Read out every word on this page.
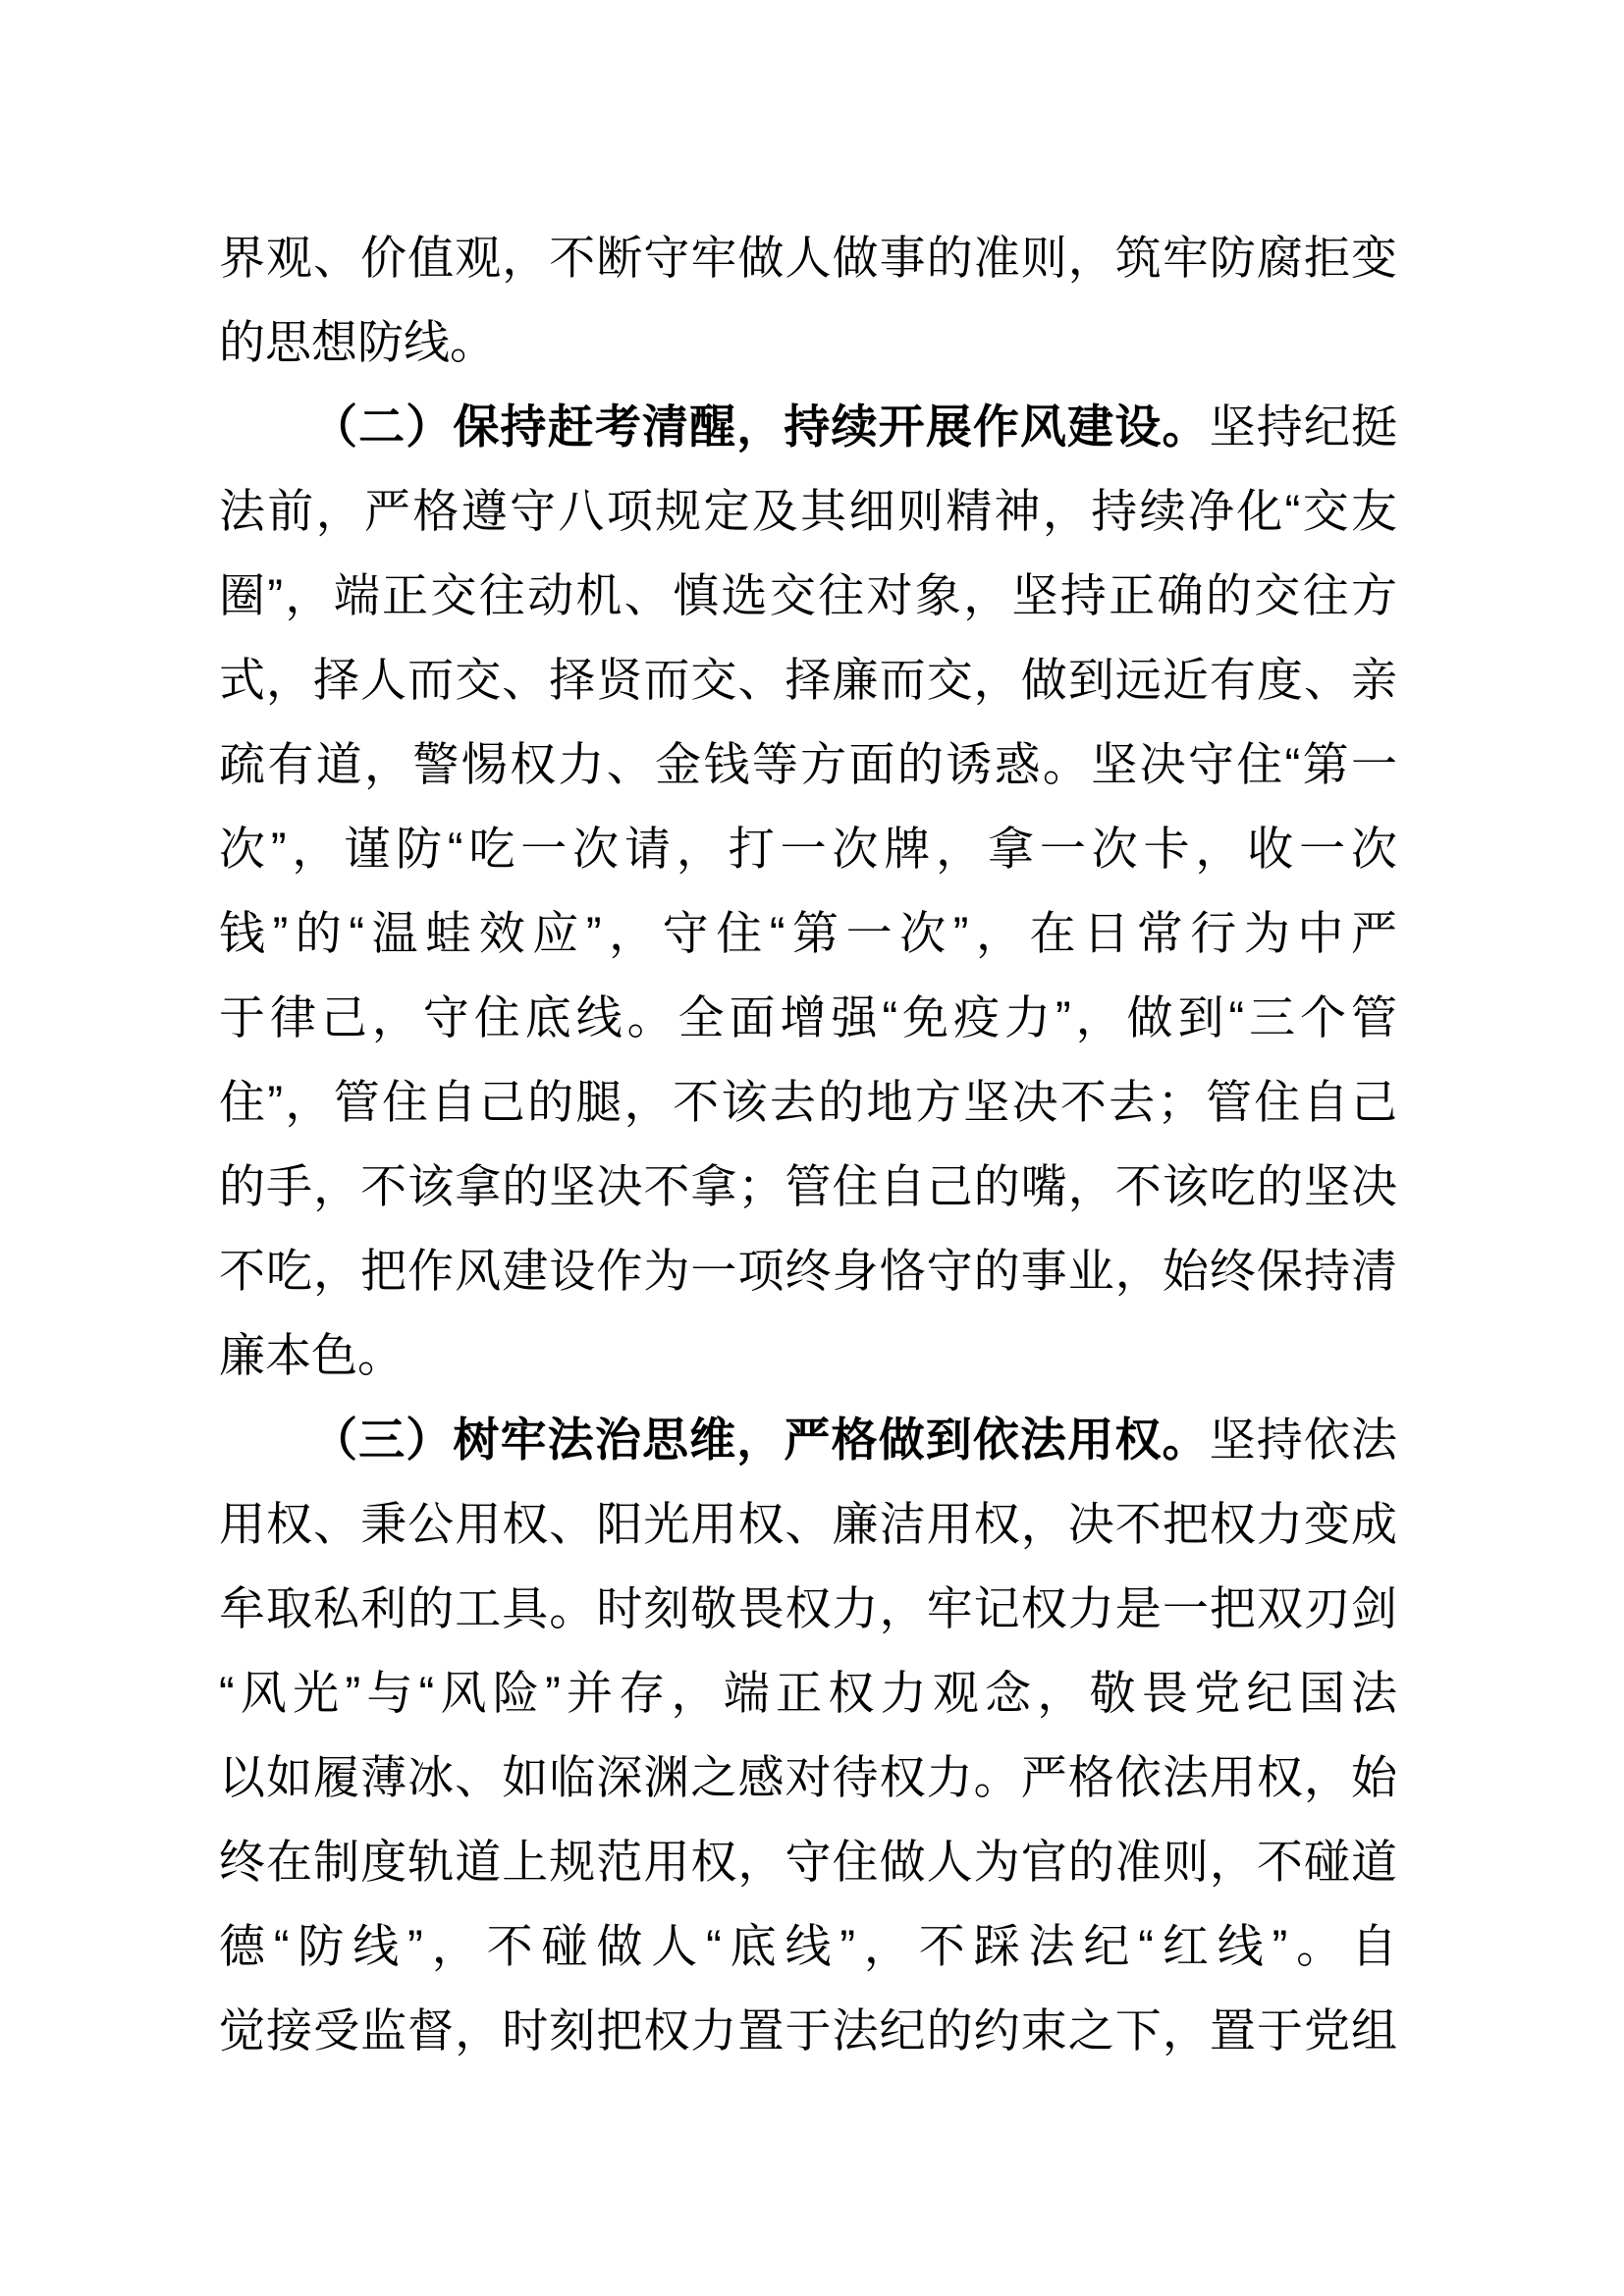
界观、价值观，不断守牢做人做事的准则，筑牢防腐拒变
的思想防线。
（二）保持赶考清醒，持续开展作风建设。坚持纪挺
法前，严格遵守八项规定及其细则精神，持续净化“交友
圈”，端正交往动机、慎选交往对象，坚持正确的交往方
式，择人而交、择贤而交、择廉而交，做到远近有度、亲
疏有道，警惕权力、金钱等方面的诱惑。坚决守住“第一
次”，谨防“吃一次请，打一次牌，拿一次卡，收一次
钱”的“温蛙效应”，守住“第一次”，在日常行为中严
于律己，守住底线。全面增强“免疫力”，做到“三个管
住”，管住自己的腿，不该去的地方坚决不去；管住自己
的手，不该拿的坚决不拿；管住自己的嘴，不该吃的坚决
不吃，把作风建设作为一项终身恪守的事业，始终保持清
廉本色。
（三）树牢法治思维，严格做到依法用权。坚持依法
用权、秉公用权、阳光用权、廉洁用权，决不把权力变成
牟取私利的工具。时刻敬畏权力，牢记权力是一把双刃剑
“风光”与“风险”并存，端正权力观念，敬畏党纪国法
以如履薄冰、如临深渊之感对待权力。严格依法用权，始
终在制度轨道上规范用权，守住做人为官的准则，不碰道
德“防线”，不碰做人“底线”，不踩法纪“红线”。自
觉接受监督，时刻把权力置于法纪的约束之下，置于党组
